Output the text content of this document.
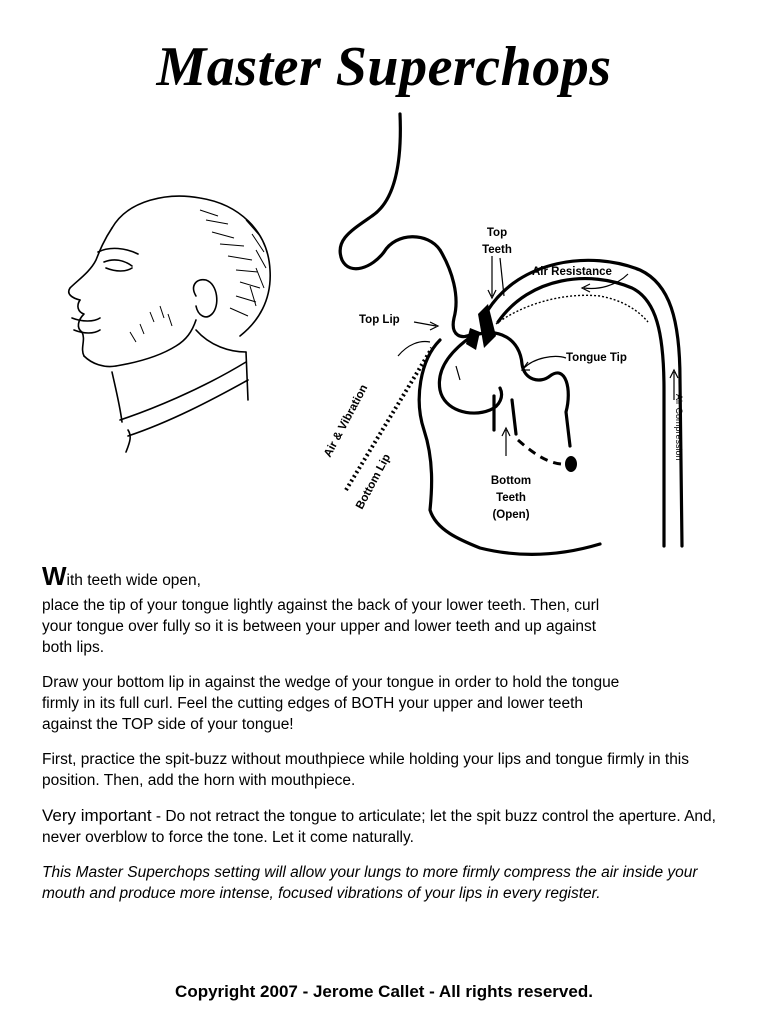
Master Superchops
Top
Teeth
Air Resistance
Top Lip
Tongue Tip
Air & Vibration
Bottom Lip
Air Compression
Bottom
Teeth
(Open)

With teeth wide open,

place the tip of your tongue lightly against the back of your lower teeth. Then, curl your tongue over fully so it is between your upper and lower teeth and up against both lips.

Draw your bottom lip in against the wedge of your tongue in order to hold the tongue firmly in its full curl. Feel the cutting edges of BOTH your upper and lower teeth against the TOP side of your tongue!

First, practice the spit-buzz without mouthpiece while holding your lips and tongue firmly in this position. Then, add the horn with mouthpiece.

Very important - Do not retract the tongue to articulate; let the spit buzz control the aperture. And, never overblow to force the tone. Let it come naturally.

This Master Superchops setting will allow your lungs to more firmly compress the air inside your mouth and produce more intense, focused vibrations of your lips in every register.

Copyright 2007 - Jerome Callet - All rights reserved.
